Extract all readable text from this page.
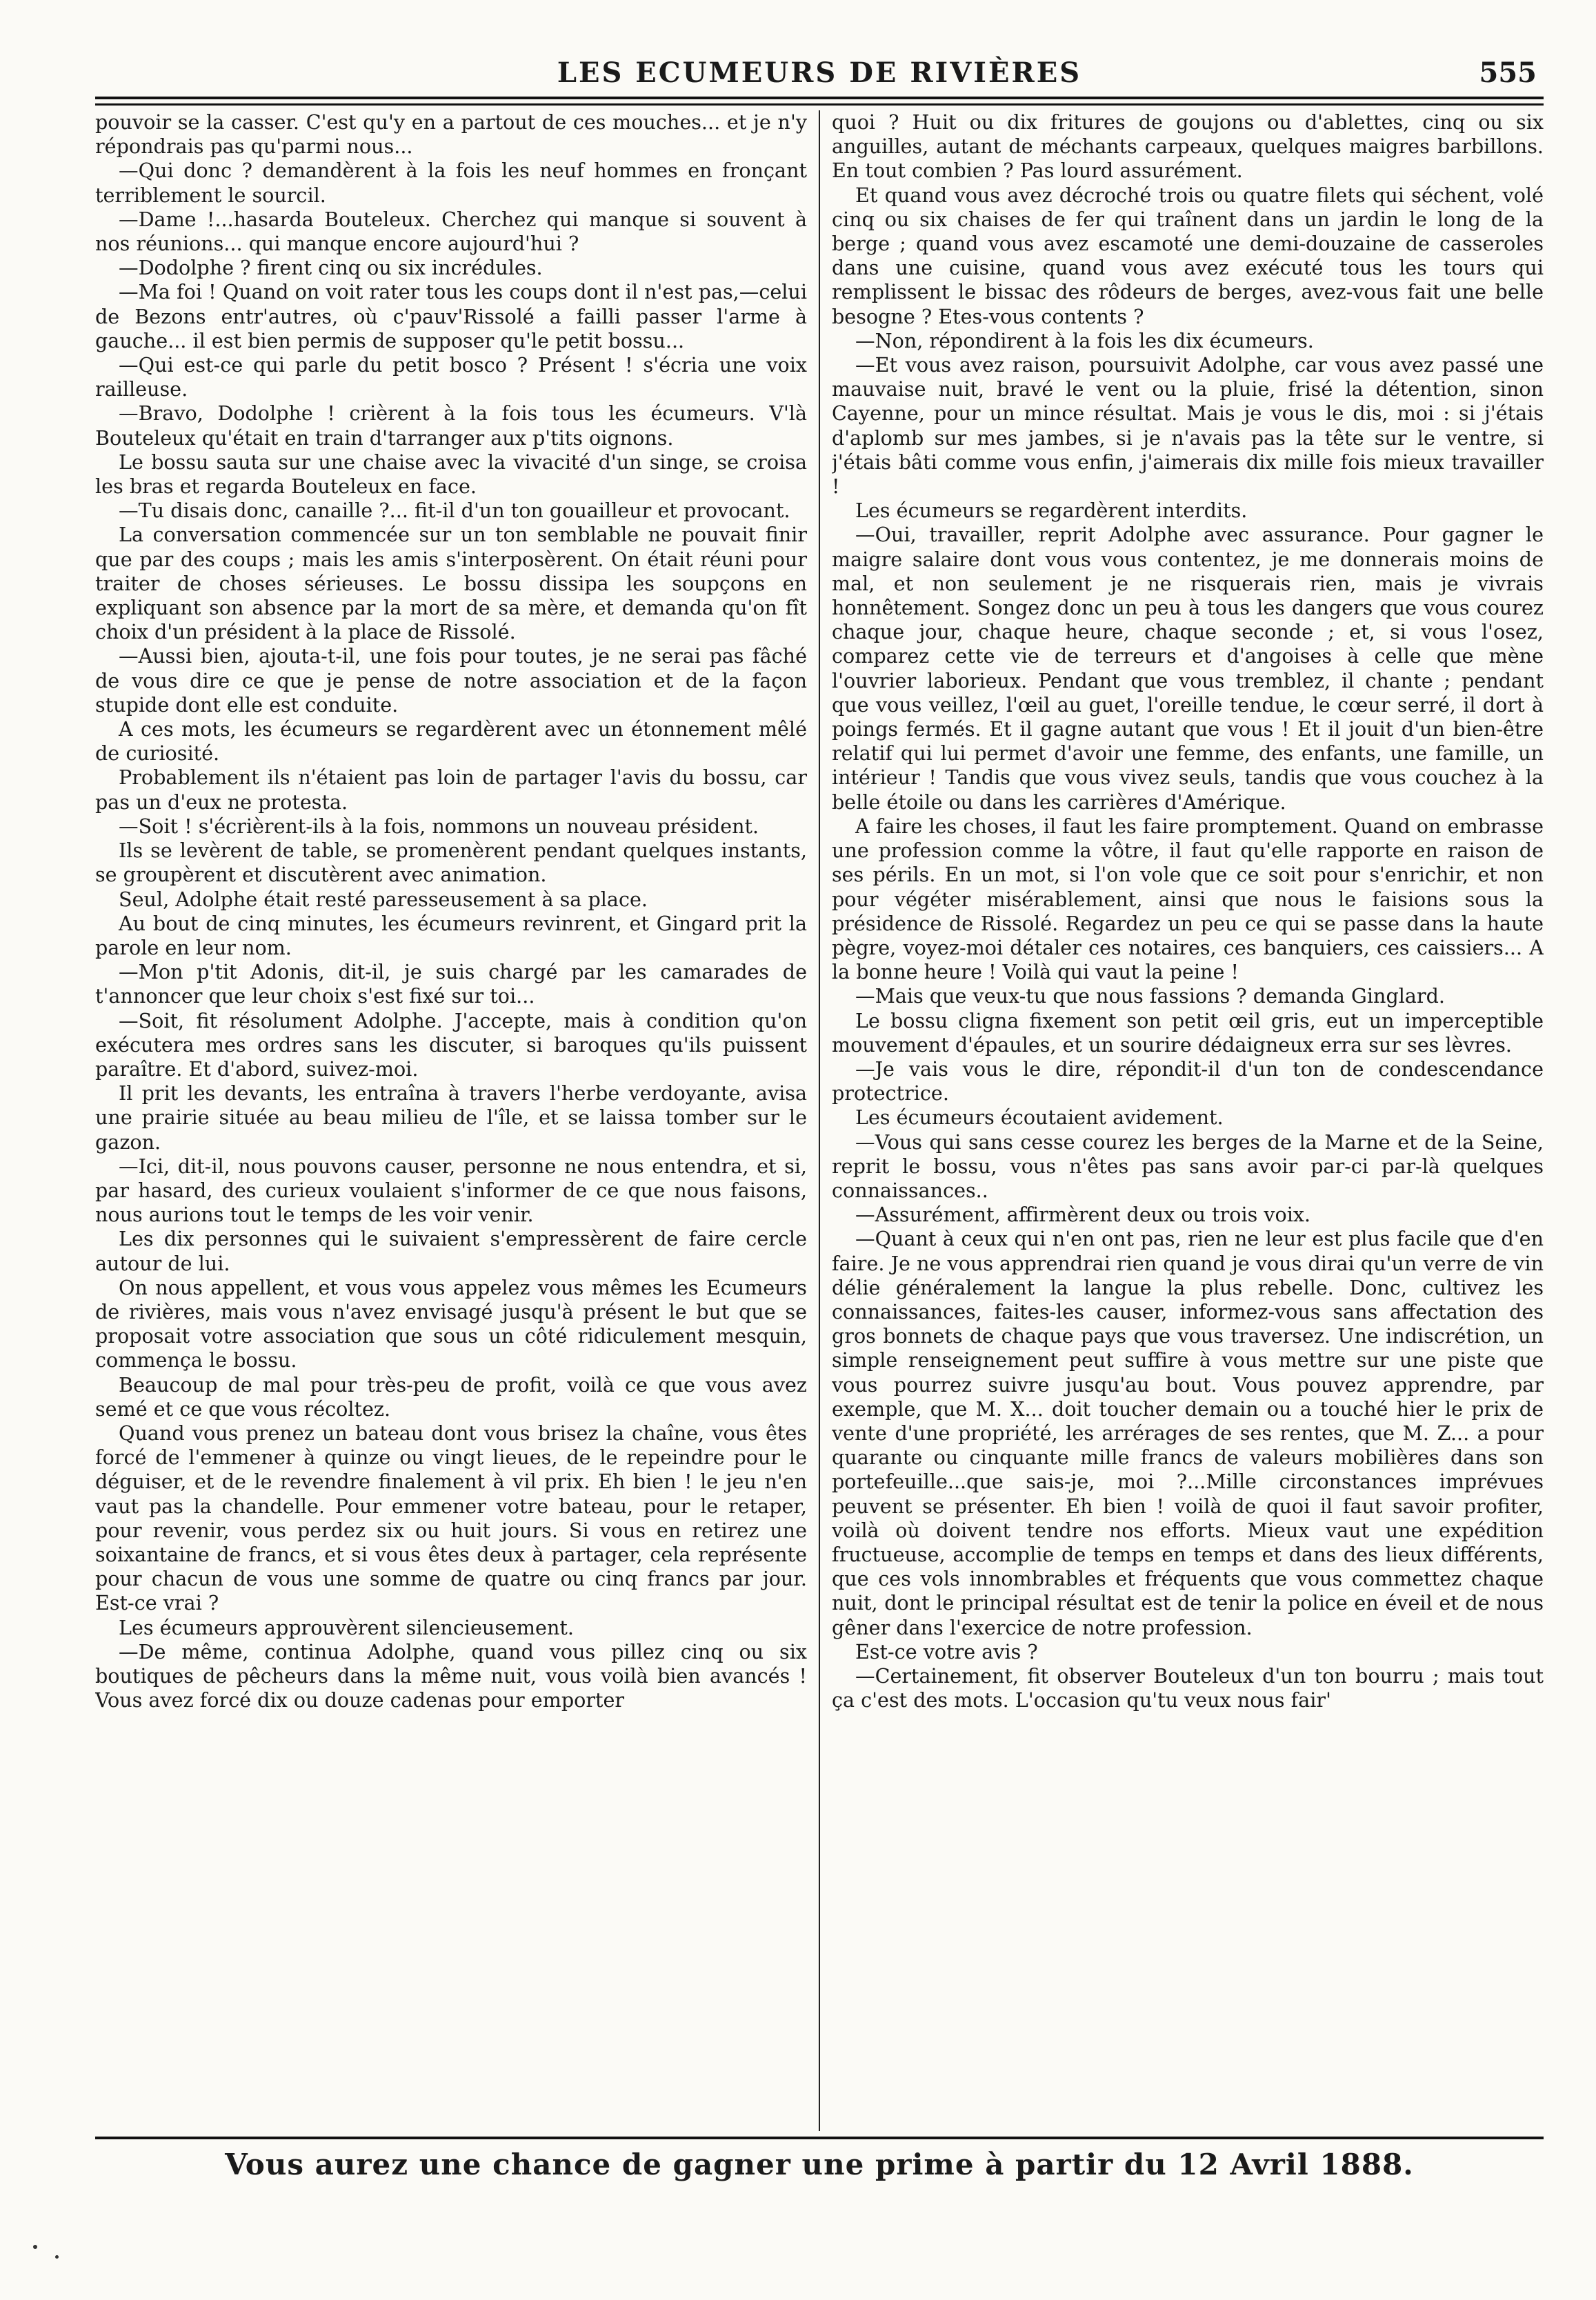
LES ECUMEURS DE RIVIÈRES	555

pouvoir se la casser. C'est qu'y en a partout de ces mouches... et je n'y répondrais pas qu'parmi nous...

—Qui donc ? demandèrent à la fois les neuf hommes en fronçant terriblement le sourcil.

—Dame !...hasarda Bouteleux. Cherchez qui manque si souvent à nos réunions... qui manque encore aujourd'hui ?

—Dodolphe ? firent cinq ou six incrédules.

—Ma foi ! Quand on voit rater tous les coups dont il n'est pas,—celui de Bezons entr'autres, où c'pauv'Rissolé a failli passer l'arme à gauche... il est bien permis de supposer qu'le petit bossu...

—Qui est-ce qui parle du petit bosco ? Présent ! s'écria une voix railleuse.

—Bravo, Dodolphe ! crièrent à la fois tous les écumeurs. V'là Bouteleux qu'était en train d'tarranger aux p'tits oignons.

Le bossu sauta sur une chaise avec la vivacité d'un singe, se croisa les bras et regarda Bouteleux en face.

—Tu disais donc, canaille ?... fit-il d'un ton gouailleur et provocant.

La conversation commencée sur un ton semblable ne pouvait finir que par des coups ; mais les amis s'interposèrent. On était réuni pour traiter de choses sérieuses. Le bossu dissipa les soupçons en expliquant son absence par la mort de sa mère, et demanda qu'on fît choix d'un président à la place de Rissolé.

—Aussi bien, ajouta-t-il, une fois pour toutes, je ne serai pas fâché de vous dire ce que je pense de notre association et de la façon stupide dont elle est conduite.

A ces mots, les écumeurs se regardèrent avec un étonnement mêlé de curiosité.

Probablement ils n'étaient pas loin de partager l'avis du bossu, car pas un d'eux ne protesta.

—Soit ! s'écrièrent-ils à la fois, nommons un nouveau président.

Ils se levèrent de table, se promenèrent pendant quelques instants, se groupèrent et discutèrent avec animation.

Seul, Adolphe était resté paresseusement à sa place.

Au bout de cinq minutes, les écumeurs revinrent, et Gingard prit la parole en leur nom.

—Mon p'tit Adonis, dit-il, je suis chargé par les camarades de t'annoncer que leur choix s'est fixé sur toi...

—Soit, fit résolument Adolphe. J'accepte, mais à condition qu'on exécutera mes ordres sans les discuter, si baroques qu'ils puissent paraître. Et d'abord, suivez-moi.

Il prit les devants, les entraîna à travers l'herbe verdoyante, avisa une prairie située au beau milieu de l'île, et se laissa tomber sur le gazon.

—Ici, dit-il, nous pouvons causer, personne ne nous entendra, et si, par hasard, des curieux voulaient s'informer de ce que nous faisons, nous aurions tout le temps de les voir venir.

Les dix personnes qui le suivaient s'empressèrent de faire cercle autour de lui.

On nous appellent, et vous vous appelez vous mêmes les Ecumeurs de rivières, mais vous n'avez envisagé jusqu'à présent le but que se proposait votre association que sous un côté ridiculement mesquin, commença le bossu.

Beaucoup de mal pour très-peu de profit, voilà ce que vous avez semé et ce que vous récoltez.

Quand vous prenez un bateau dont vous brisez la chaîne, vous êtes forcé de l'emmener à quinze ou vingt lieues, de le repeindre pour le déguiser, et de le revendre finalement à vil prix. Eh bien ! le jeu n'en vaut pas la chandelle. Pour emmener votre bateau, pour le retaper, pour revenir, vous perdez six ou huit jours. Si vous en retirez une soixantaine de francs, et si vous êtes deux à partager, cela représente pour chacun de vous une somme de quatre ou cinq francs par jour. Est-ce vrai ?

Les écumeurs approuvèrent silencieusement.

—De même, continua Adolphe, quand vous pillez cinq ou six boutiques de pêcheurs dans la même nuit, vous voilà bien avancés ! Vous avez forcé dix ou douze cadenas pour emporter

quoi ? Huit ou dix fritures de goujons ou d'ablettes, cinq ou six anguilles, autant de méchants carpeaux, quelques maigres barbillons. En tout combien ? Pas lourd assurément.

Et quand vous avez décroché trois ou quatre filets qui séchent, volé cinq ou six chaises de fer qui traînent dans un jardin le long de la berge ; quand vous avez escamoté une demi-douzaine de casseroles dans une cuisine, quand vous avez exécuté tous les tours qui remplissent le bissac des rôdeurs de berges, avez-vous fait une belle besogne ? Etes-vous contents ?

—Non, répondirent à la fois les dix écumeurs.

—Et vous avez raison, poursuivit Adolphe, car vous avez passé une mauvaise nuit, bravé le vent ou la pluie, frisé la détention, sinon Cayenne, pour un mince résultat. Mais je vous le dis, moi : si j'étais d'aplomb sur mes jambes, si je n'avais pas la tête sur le ventre, si j'étais bâti comme vous enfin, j'aimerais dix mille fois mieux travailler !

Les écumeurs se regardèrent interdits.

—Oui, travailler, reprit Adolphe avec assurance. Pour gagner le maigre salaire dont vous vous contentez, je me donnerais moins de mal, et non seulement je ne risquerais rien, mais je vivrais honnêtement. Songez donc un peu à tous les dangers que vous courez chaque jour, chaque heure, chaque seconde ; et, si vous l'osez, comparez cette vie de terreurs et d'angoises à celle que mène l'ouvrier laborieux. Pendant que vous tremblez, il chante ; pendant que vous veillez, l'œil au guet, l'oreille tendue, le cœur serré, il dort à poings fermés. Et il gagne autant que vous ! Et il jouit d'un bien-être relatif qui lui permet d'avoir une femme, des enfants, une famille, un intérieur ! Tandis que vous vivez seuls, tandis que vous couchez à la belle étoile ou dans les carrières d'Amérique.

A faire les choses, il faut les faire promptement. Quand on embrasse une profession comme la vôtre, il faut qu'elle rapporte en raison de ses périls. En un mot, si l'on vole que ce soit pour s'enrichir, et non pour végéter misérablement, ainsi que nous le faisions sous la présidence de Rissolé. Regardez un peu ce qui se passe dans la haute pègre, voyez-moi détaler ces notaires, ces banquiers, ces caissiers... A la bonne heure ! Voilà qui vaut la peine !

—Mais que veux-tu que nous fassions ? demanda Ginglard.

Le bossu cligna fixement son petit œil gris, eut un imperceptible mouvement d'épaules, et un sourire dédaigneux erra sur ses lèvres.

—Je vais vous le dire, répondit-il d'un ton de condescendance protectrice.

Les écumeurs écoutaient avidement.

—Vous qui sans cesse courez les berges de la Marne et de la Seine, reprit le bossu, vous n'êtes pas sans avoir par-ci par-là quelques connaissances..

—Assurément, affirmèrent deux ou trois voix.

—Quant à ceux qui n'en ont pas, rien ne leur est plus facile que d'en faire. Je ne vous apprendrai rien quand je vous dirai qu'un verre de vin délie généralement la langue la plus rebelle. Donc, cultivez les connaissances, faites-les causer, informez-vous sans affectation des gros bonnets de chaque pays que vous traversez. Une indiscrétion, un simple renseignement peut suffire à vous mettre sur une piste que vous pourrez suivre jusqu'au bout. Vous pouvez apprendre, par exemple, que M. X... doit toucher demain ou a touché hier le prix de vente d'une propriété, les arrérages de ses rentes, que M. Z... a pour quarante ou cinquante mille francs de valeurs mobilières dans son portefeuille...que sais-je, moi ?...Mille circonstances imprévues peuvent se présenter. Eh bien ! voilà de quoi il faut savoir profiter, voilà où doivent tendre nos efforts. Mieux vaut une expédition fructueuse, accomplie de temps en temps et dans des lieux différents, que ces vols innombrables et fréquents que vous commettez chaque nuit, dont le principal résultat est de tenir la police en éveil et de nous gêner dans l'exercice de notre profession.

Est-ce votre avis ?

—Certainement, fit observer Bouteleux d'un ton bourru ; mais tout ça c'est des mots. L'occasion qu'tu veux nous fair'

Vous aurez une chance de gagner une prime à partir du 12 Avril 1888.
